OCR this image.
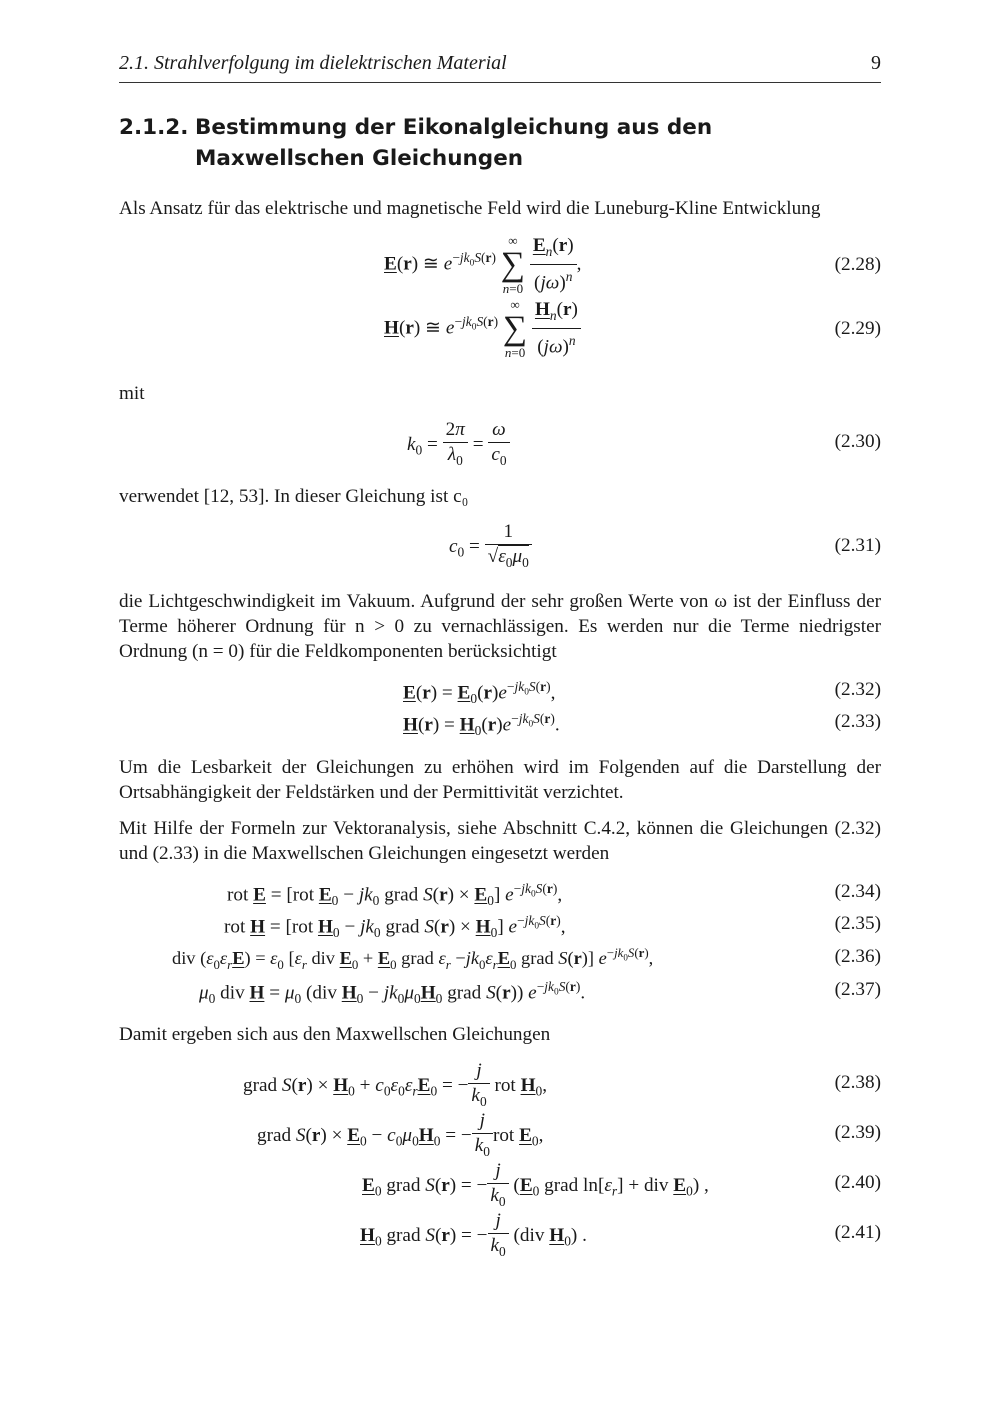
2.1. Strahlverfolgung im dielektrischen Material	9
2.1.2. Bestimmung der Eikonalgleichung aus den Maxwellschen Gleichungen
Als Ansatz für das elektrische und magnetische Feld wird die Luneburg-Kline Entwicklung
E(r) ≅ $e^{-jk_0S(r)}$
∞
∑
n=0
$\frac{E_n(r)}{(j\omega)^n}$ ,	(2.28)
H(r) ≅ $e^{-jk_0S(r)}$
∞
∑
n=0
$\frac{H_n(r)}{(j\omega)^n}$	(2.29)
mit
$k_0 = \frac{2\pi}{\lambda_0} = \frac{\omega}{c_0}$	(2.30)
verwendet [12, 53]. In dieser Gleichung ist c₀
$c_0 = \frac{1}{√\varepsilon_0\mu_0}$	(2.31)
die Lichtgeschwindigkeit im Vakuum. Aufgrund der sehr großen Werte von ω ist der Einfluss der Terme höherer Ordnung für n > 0 zu vernachlässigen. Es werden nur die Terme niedrigster Ordnung (n = 0) für die Feldkomponenten berücksichtigt
$E(r) = E_0(r)e^{-jk_0S(r)}$,	(2.32)
$H(r) = H_0(r)e^{-jk_0S(r)}$.	(2.33)
Um die Lesbarkeit der Gleichungen zu erhöhen wird im Folgenden auf die Darstellung der Ortsabhängigkeit der Feldstärken und der Permittivität verzichtet.
Mit Hilfe der Formeln zur Vektoranalysis, siehe Abschnitt C.4.2, können die Gleichungen (2.32) und (2.33) in die Maxwellschen Gleichungen eingesetzt werden
rot E = [rot $E_0 - jk_0$ grad $S(r) \times E_0$] $e^{-jk_0S(r)}$,	(2.34)
rot H = [rot $H_0 - jk_0$ grad $S(r) \times H_0$] $e^{-jk_0S(r)}$,	(2.35)
div $(\varepsilon_0\varepsilon_rE) = \varepsilon_0$ [$\varepsilon_r$ div $E_0 + E_0$ grad $\varepsilon_r -jk_0\varepsilon_rE_0$ grad S(r)] $e^{-jk_0S(r)}$,	(2.36)
$\mu_0$ div $H = \mu_0$ (div $H_0 - jk_0\mu_0H_0$ grad S(r)) $e^{-jk_0S(r)}$.	(2.37)
Damit ergeben sich aus den Maxwellschen Gleichungen
grad $S(r) \times H_0 + c_0\varepsilon_0\varepsilon_rE_0$ = − $\frac{j}{k_0}$ rot $H_0$,	(2.38)
grad $S(r) \times E_0 - c_0\mu_0H_0$ = − $\frac{j}{k_0}$ rot $E_0$,	(2.39)
$E_0$ grad S(r) = − $\frac{j}{k_0} (E_0$ grad $\ln[\varepsilon_r]$ + div $E_0$) ,	(2.40)
$H_0$ grad S(r) = − $\frac{j}{k_0} (div$ $H_0$) .	(2.41)
